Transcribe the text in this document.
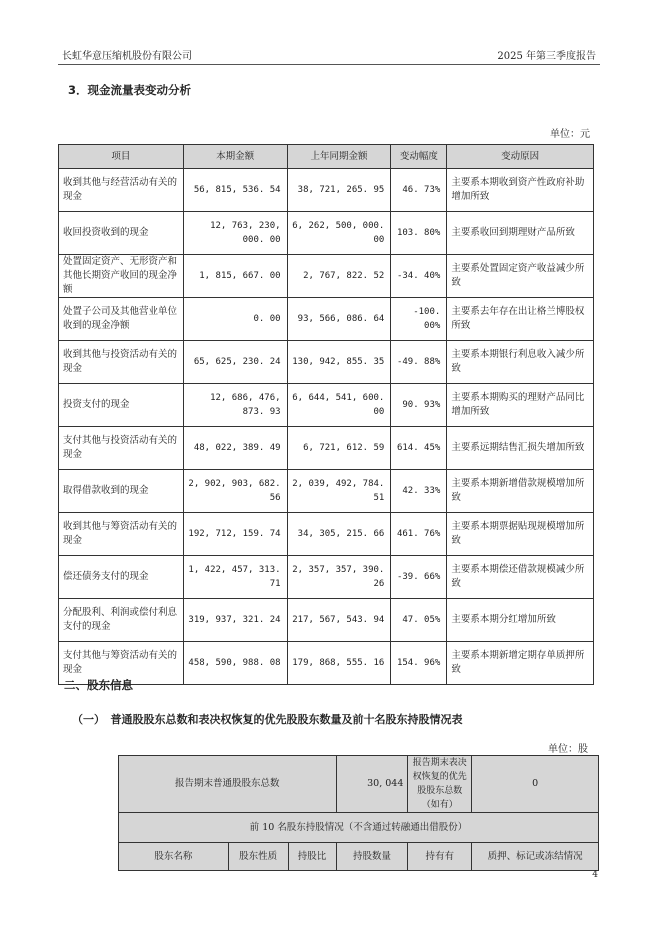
长虹华意压缩机股份有限公司	2025 年第三季度报告
3．现金流量表变动分析
单位：元
项目	本期金额	上年同期金额	变动幅度	变动原因
收到其他与经营活动有关的现金	56, 815, 536. 54	38, 721, 265. 95	46. 73%	主要系本期收到资产性政府补助增加所致
收回投资收到的现金	12, 763, 230, 000. 00	6, 262, 500, 000. 00	103. 80%	主要系收回到期理财产品所致
处置固定资产、无形资产和其他长期资产收回的现金净额	1, 815, 667. 00	2, 767, 822. 52	-34. 40%	主要系处置固定资产收益减少所致
处置子公司及其他营业单位收到的现金净额	0. 00	93, 566, 086. 64	-100. 00%	主要系去年存在出让格兰博股权所致
收到其他与投资活动有关的现金	65, 625, 230. 24	130, 942, 855. 35	-49. 88%	主要系本期银行利息收入减少所致
投资支付的现金	12, 686, 476, 873. 93	6, 644, 541, 600. 00	90. 93%	主要系本期购买的理财产品同比增加所致
支付其他与投资活动有关的现金	48, 022, 389. 49	6, 721, 612. 59	614. 45%	主要系远期结售汇损失增加所致
取得借款收到的现金	2, 902, 903, 682. 56	2, 039, 492, 784. 51	42. 33%	主要系本期新增借款规模增加所致
收到其他与筹资活动有关的现金	192, 712, 159. 74	34, 305, 215. 66	461. 76%	主要系本期票据贴现规模增加所致
偿还债务支付的现金	1, 422, 457, 313. 71	2, 357, 357, 390. 26	-39. 66%	主要系本期偿还借款规模减少所致
分配股利、利润或偿付利息支付的现金	319, 937, 321. 24	217, 567, 543. 94	47. 05%	主要系本期分红增加所致
支付其他与筹资活动有关的现金	458, 590, 988. 08	179, 868, 555. 16	154. 96%	主要系本期新增定期存单质押所致
二、股东信息
（一）　普通股股东总数和表决权恢复的优先股股东数量及前十名股东持股情况表
单位：股
报告期末普通股股东总数			30, 044	报告期末表决权恢复的优先股股东总数（如有）	0
前 10 名股东持股情况（不含通过转融通出借股份）					
股东名称	股东性质	持股比	持股数量	持有有	质押、标记或冻结情况
4
